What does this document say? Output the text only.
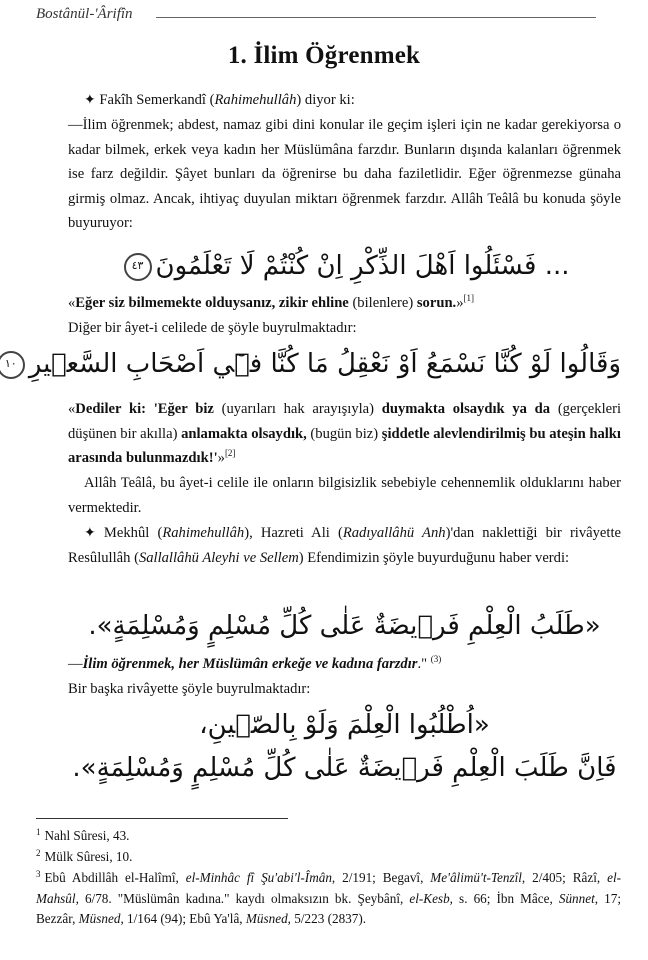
Bostânül-'Ârifîn
1. İlim Öğrenmek
✦ Fakîh Semerkandî (Rahimehullâh) diyor ki:
—İlim öğrenmek; abdest, namaz gibi dini konular ile geçim işleri için ne kadar gerekiyorsa o kadar bilmek, erkek veya kadın her Müslümâna farzdır. Bunların dışında kalanları öğrenmek ise farz değildir. Şâyet bunları da öğrenirse bu daha faziletlidir. Eğer öğrenmezse günaha girmiş olmaz. Ancak, ihtiyaç duyulan miktarı öğrenmek farzdır. Allâh Teâlâ bu konuda şöyle buyuruyor:
... فَسْئَلُوا اَهْلَ الذِّكْرِ اِنْ كُنْتُمْ لَا تَعْلَمُونَ٤٣
«Eğer siz bilmemekte olduysanız, zikir ehline (bilenlere) sorun.»[1]
Diğer bir âyet-i celilede de şöyle buyrulmaktadır:
وَقَالُوا لَوْ كُنَّا نَسْمَعُ اَوْ نَعْقِلُ مَا كُنَّا ف۪ٓي اَصْحَابِ السَّع۪يرِ١٠
«Dediler ki: 'Eğer biz (uyarıları hak arayışıyla) duymakta olsaydık ya da (gerçekleri düşünen bir akılla) anlamakta olsaydık, (bugün biz) şiddetle alevlendirilmiş bu ateşin halkı arasında bulunmazdık!'»[2]
Allâh Teâlâ, bu âyet-i celile ile onların bilgisizlik sebebiyle cehennemlik olduklarını haber vermektedir.
✦ Mekhûl (Rahimehullâh), Hazreti Ali (Radıyallâhü Anh)'dan naklettiği bir rivâyette Resûlullâh (Sallallâhü Aleyhi ve Sellem) Efendimizin şöyle buyurduğunu haber verdi:
«طَلَبُ الْعِلْمِ فَر۪يضَةٌ عَلٰى كُلِّ مُسْلِمٍ وَمُسْلِمَةٍ».
—İlim öğrenmek, her Müslümân erkeğe ve kadına farzdır." $^{(3)}$
Bir başka rivâyette şöyle buyrulmaktadır:
«اُطْلُبُوا الْعِلْمَ وَلَوْ بِالصّ۪ينِ،
فَاِنَّ طَلَبَ الْعِلْمِ فَر۪يضَةٌ عَلٰى كُلِّ مُسْلِمٍ وَمُسْلِمَةٍ».
$^1$ Nahl Sûresi, 43.
$^2$ Mülk Sûresi, 10.
$^3$ Ebû Abdillâh el-Halîmî, el-Minhâc fî Şu'abi'l-Îmân, 2/191; Begavî, Me'âlimü't-Tenzîl, 2/405; Râzî, el-Mahsûl, 6/78. "Müslümân kadına." kaydı olmaksızın bk. Şeybânî, el-Kesb, s. 66; İbn Mâce, Sünnet, 17; Bezzâr, Müsned, 1/164 (94); Ebû Ya'lâ, Müsned, 5/223 (2837).
